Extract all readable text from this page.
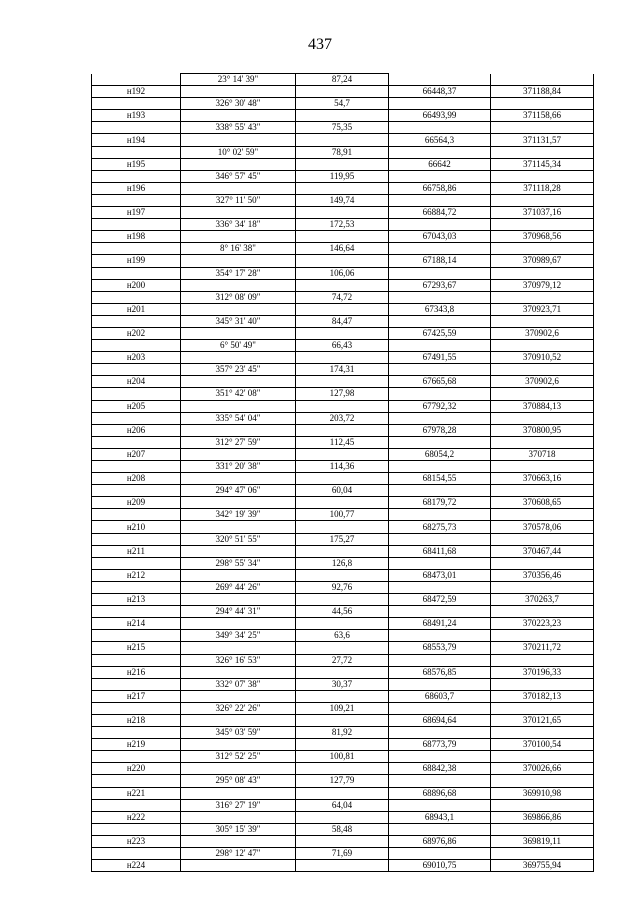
437
	23° 14' 39"	87,24		
н192			66448,37	371188,84
	326° 30' 48"	54,7		
н193			66493,99	371158,66
	338° 55' 43"	75,35		
н194			66564,3	371131,57
	10° 02' 59"	78,91		
н195			66642	371145,34
	346° 57' 45"	119,95		
н196			66758,86	371118,28
	327° 11' 50"	149,74		
н197			66884,72	371037,16
	336° 34' 18"	172,53		
н198			67043,03	370968,56
	8° 16' 38"	146,64		
н199			67188,14	370989,67
	354° 17' 28"	106,06		
н200			67293,67	370979,12
	312° 08' 09"	74,72		
н201			67343,8	370923,71
	345° 31' 40"	84,47		
н202			67425,59	370902,6
	6° 50' 49"	66,43		
н203			67491,55	370910,52
	357° 23' 45"	174,31		
н204			67665,68	370902,6
	351° 42' 08"	127,98		
н205			67792,32	370884,13
	335° 54' 04"	203,72		
н206			67978,28	370800,95
	312° 27' 59"	112,45		
н207			68054,2	370718
	331° 20' 38"	114,36		
н208			68154,55	370663,16
	294° 47' 06"	60,04		
н209			68179,72	370608,65
	342° 19' 39"	100,77		
н210			68275,73	370578,06
	320° 51' 55"	175,27		
н211			68411,68	370467,44
	298° 55' 34"	126,8		
н212			68473,01	370356,46
	269° 44' 26"	92,76		
н213			68472,59	370263,7
	294° 44' 31"	44,56		
н214			68491,24	370223,23
	349° 34' 25"	63,6		
н215			68553,79	370211,72
	326° 16' 53"	27,72		
н216			68576,85	370196,33
	332° 07' 38"	30,37		
н217			68603,7	370182,13
	326° 22' 26"	109,21		
н218			68694,64	370121,65
	345° 03' 59"	81,92		
н219			68773,79	370100,54
	312° 52' 25"	100,81		
н220			68842,38	370026,66
	295° 08' 43"	127,79		
н221			68896,68	369910,98
	316° 27' 19"	64,04		
н222			68943,1	369866,86
	305° 15' 39"	58,48		
н223			68976,86	369819,11
	298° 12' 47"	71,69		
н224			69010,75	369755,94
